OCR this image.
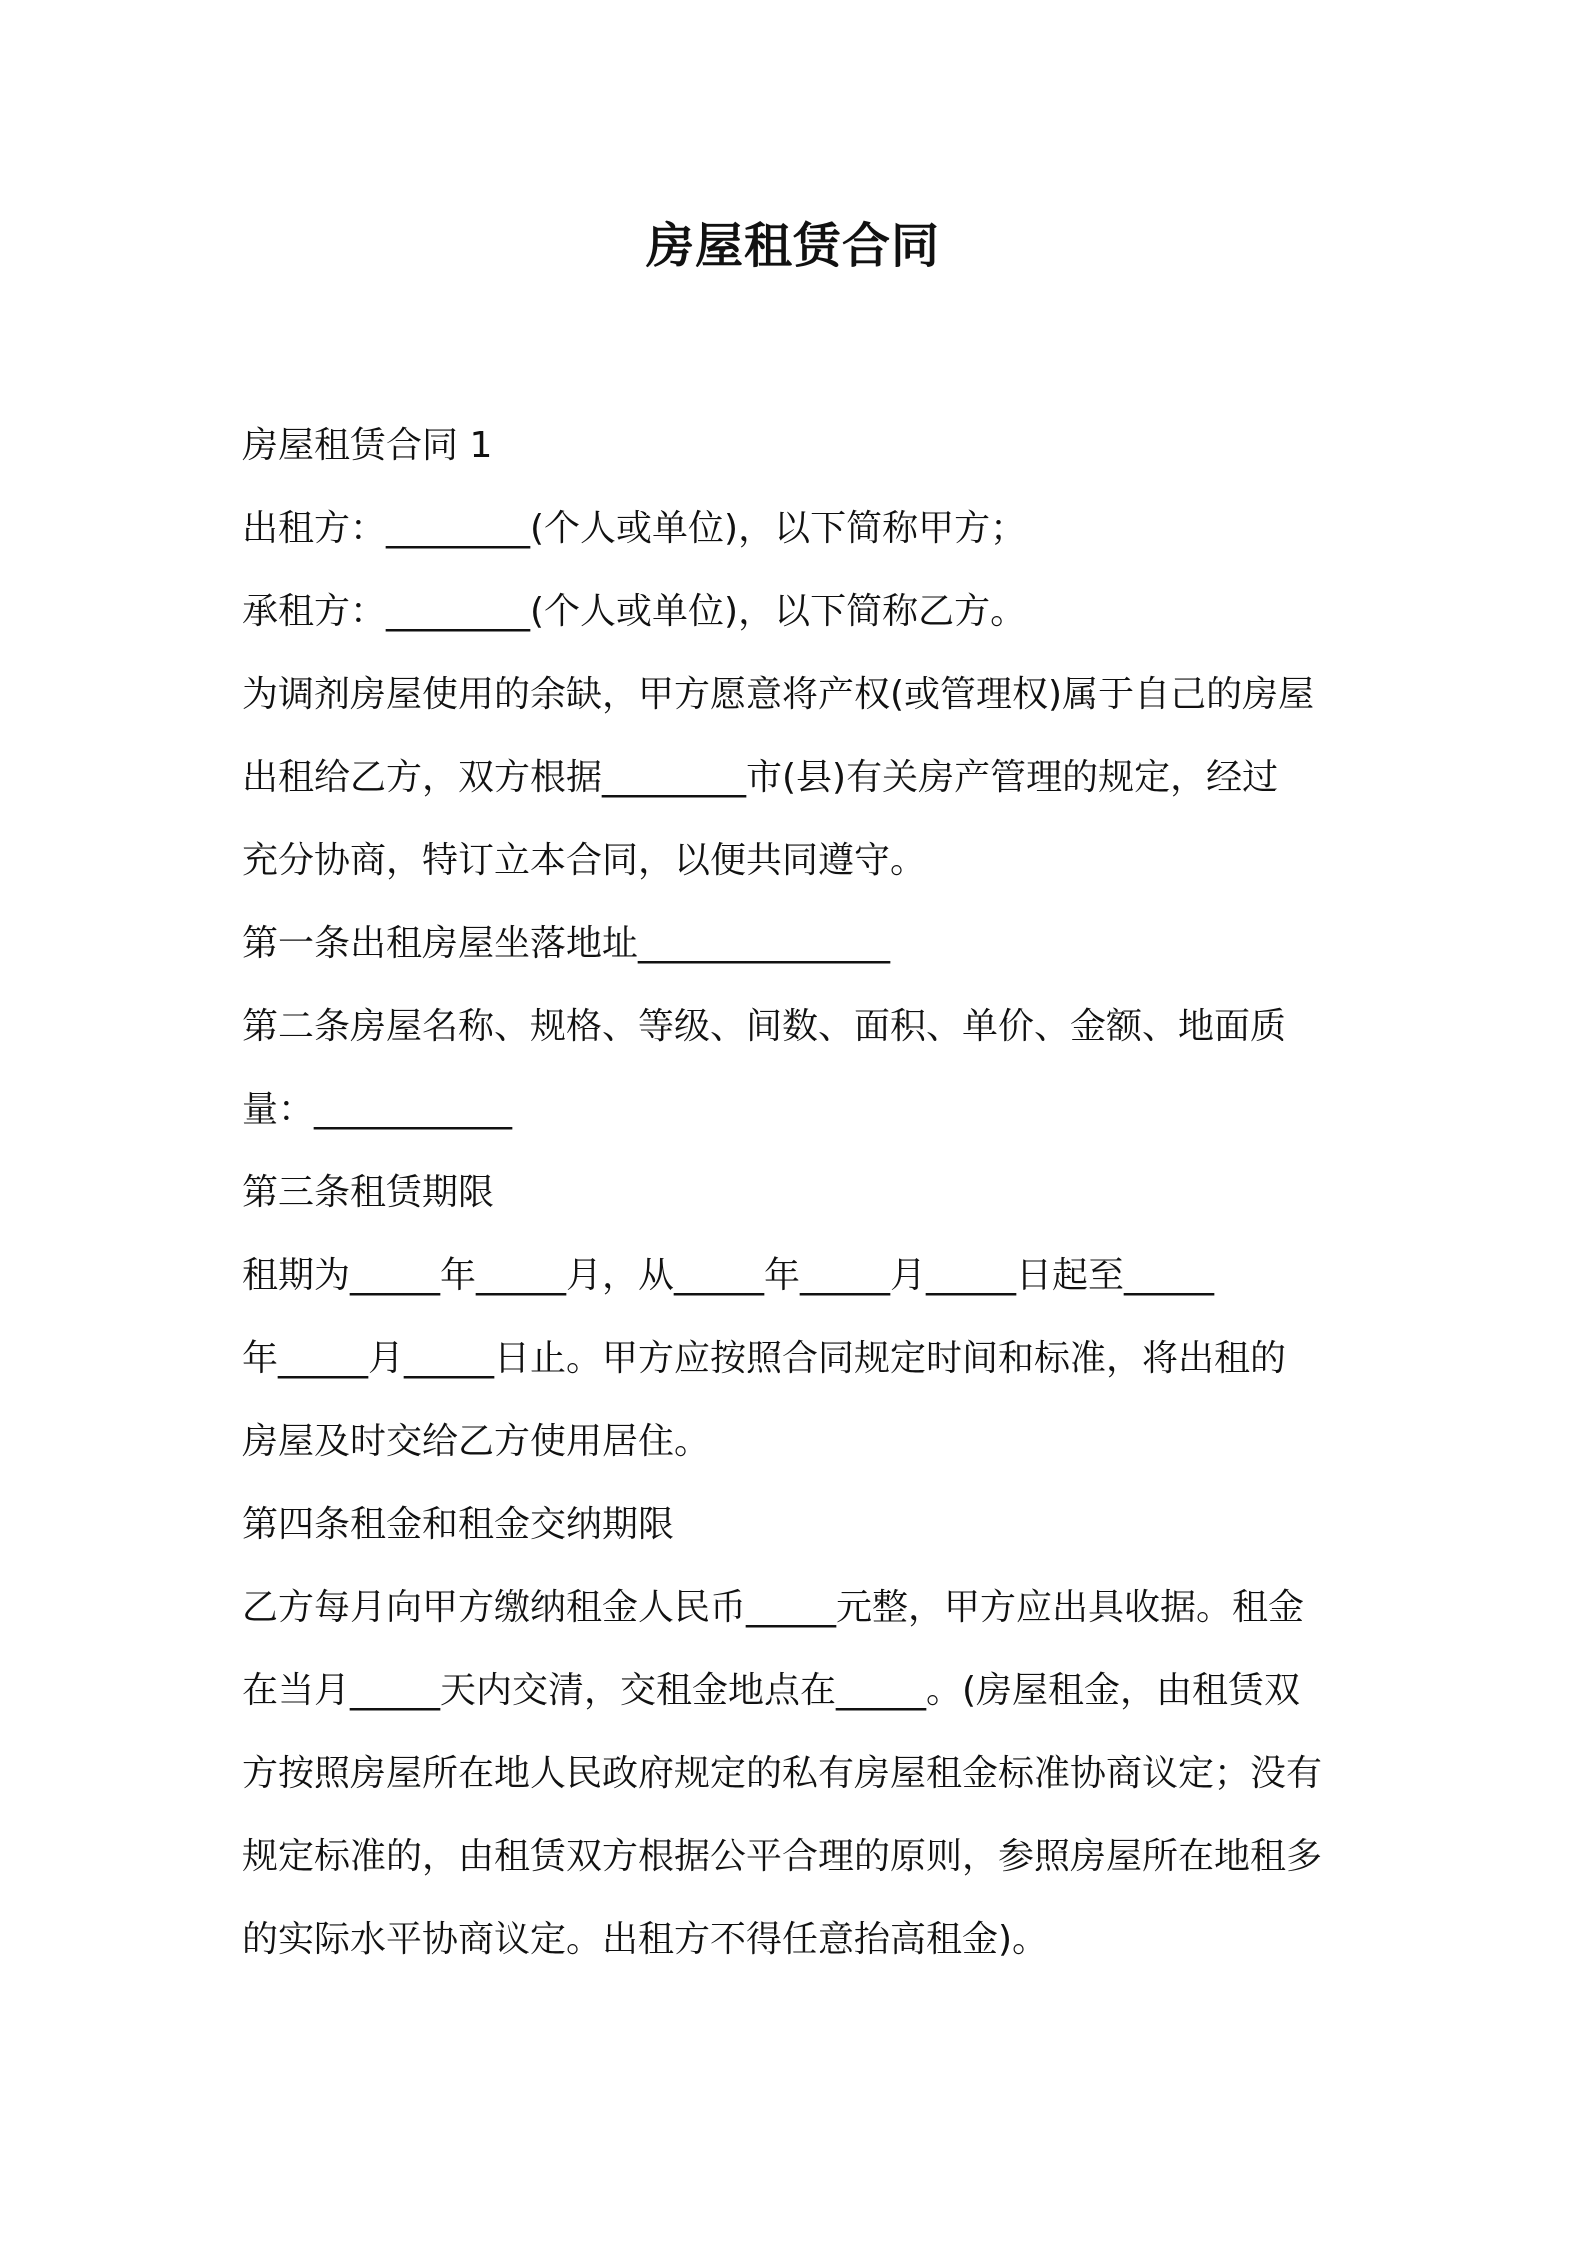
房屋租赁合同
房屋租赁合同 1
出租方：________(个人或单位)，以下简称甲方；
承租方：________(个人或单位)，以下简称乙方。
为调剂房屋使用的余缺，甲方愿意将产权(或管理权)属于自己的房屋
出租给乙方，双方根据________市(县)有关房产管理的规定，经过
充分协商，特订立本合同，以便共同遵守。
第一条出租房屋坐落地址______________
第二条房屋名称、规格、等级、间数、面积、单价、金额、地面质
量：___________
第三条租赁期限
租期为_____年_____月，从_____年_____月_____日起至_____
年_____月_____日止。甲方应按照合同规定时间和标准，将出租的
房屋及时交给乙方使用居住。
第四条租金和租金交纳期限
乙方每月向甲方缴纳租金人民币_____元整，甲方应出具收据。租金
在当月_____天内交清，交租金地点在_____。(房屋租金，由租赁双
方按照房屋所在地人民政府规定的私有房屋租金标准协商议定；没有
规定标准的，由租赁双方根据公平合理的原则，参照房屋所在地租多
的实际水平协商议定。出租方不得任意抬高租金)。
